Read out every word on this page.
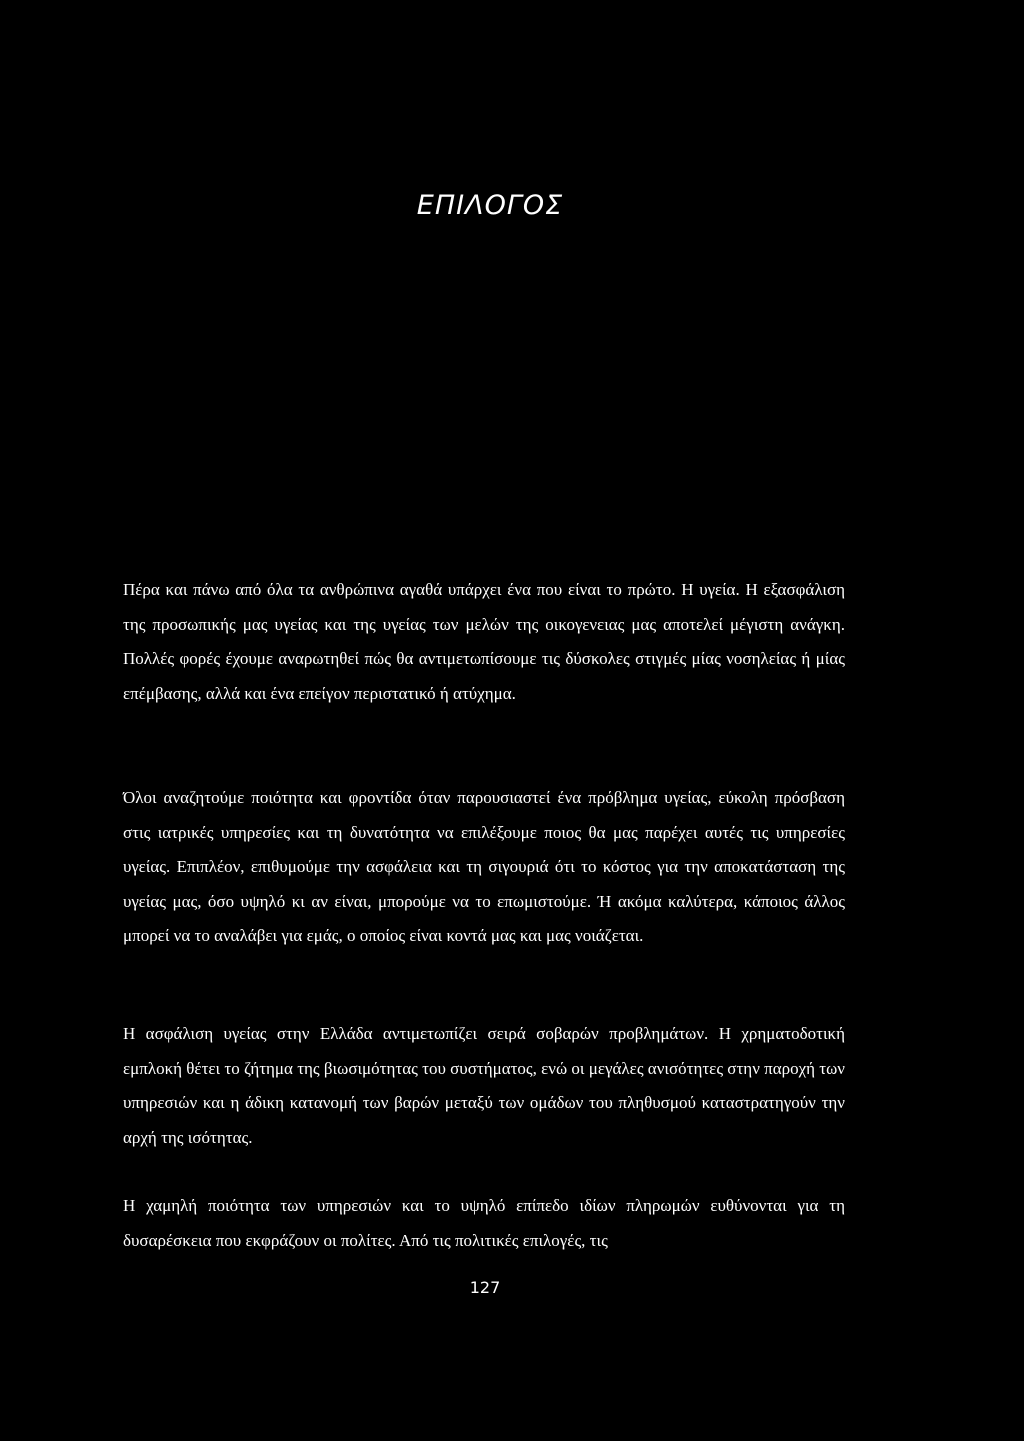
ΕΠΙΛΟΓΟΣ

Πέρα και πάνω από όλα τα ανθρώπινα αγαθά υπάρχει ένα που είναι το πρώτο. Η υγεία. Η εξασφάλιση της προσωπικής μας υγείας και της υγείας των μελών της οικογενειας μας αποτελεί μέγιστη ανάγκη. Πολλές φορές έχουμε αναρωτηθεί πώς θα αντιμετωπίσουμε τις δύσκολες στιγμές μίας νοσηλείας ή μίας επέμβασης, αλλά και ένα επείγον περιστατικό ή ατύχημα.

Όλοι αναζητούμε ποιότητα και φροντίδα όταν παρουσιαστεί ένα πρόβλημα υγείας, εύκολη πρόσβαση στις ιατρικές υπηρεσίες και τη δυνατότητα να επιλέξουμε ποιος θα μας παρέχει αυτές τις υπηρεσίες υγείας. Επιπλέον, επιθυμούμε την ασφάλεια και τη σιγουριά ότι το κόστος για την αποκατάσταση της υγείας μας, όσο υψηλό κι αν είναι, μπορούμε να το επωμιστούμε. Ή ακόμα καλύτερα, κάποιος άλλος μπορεί να το αναλάβει για εμάς, ο οποίος είναι κοντά μας και μας νοιάζεται.

Η ασφάλιση υγείας στην Ελλάδα αντιμετωπίζει σειρά σοβαρών προβλημάτων. Η χρηματοδοτική εμπλοκή θέτει το ζήτημα της βιωσιμότητας του συστήματος, ενώ οι μεγάλες ανισότητες στην παροχή των υπηρεσιών και η άδικη κατανομή των βαρών μεταξύ των ομάδων του πληθυσμού καταστρατηγούν την αρχή της ισότητας.

Η χαμηλή ποιότητα των υπηρεσιών και το υψηλό επίπεδο ιδίων πληρωμών ευθύνονται για τη δυσαρέσκεια που εκφράζουν οι πολίτες. Από τις πολιτικές επιλογές, τις

127
